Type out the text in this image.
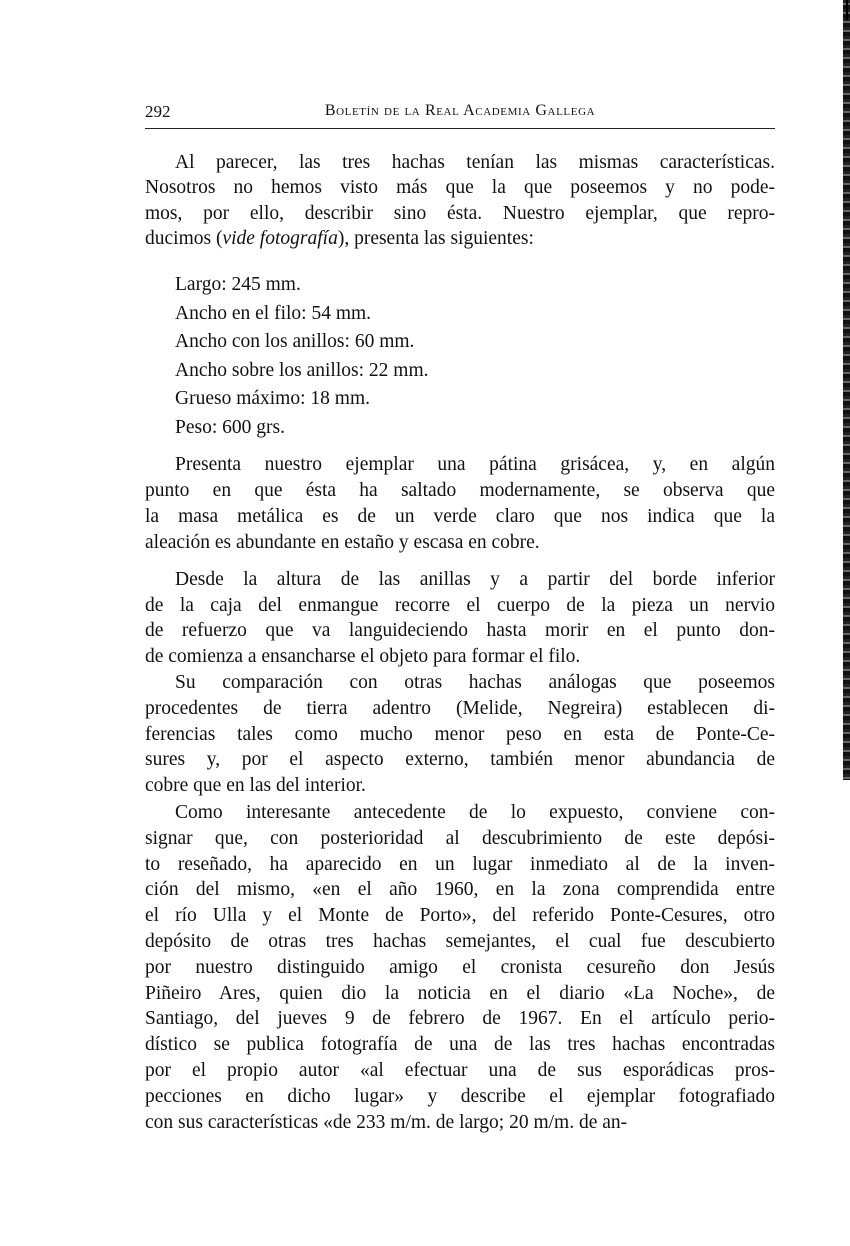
292	Boletín de la Real Academia Gallega
Al parecer, las tres hachas tenían las mismas características.
Nosotros no hemos visto más que la que poseemos y no pode-
mos, por ello, describir sino ésta. Nuestro ejemplar, que repro-
ducimos (vide fotografía), presenta las siguientes:
Largo: 245 mm.
Ancho en el filo: 54 mm.
Ancho con los anillos: 60 mm.
Ancho sobre los anillos: 22 mm.
Grueso máximo: 18 mm.
Peso: 600 grs.
Presenta nuestro ejemplar una pátina grisácea, y, en algún
punto en que ésta ha saltado modernamente, se observa que
la masa metálica es de un verde claro que nos indica que la
aleación es abundante en estaño y escasa en cobre.
Desde la altura de las anillas y a partir del borde inferior
de la caja del enmangue recorre el cuerpo de la pieza un nervio
de refuerzo que va languideciendo hasta morir en el punto don-
de comienza a ensancharse el objeto para formar el filo.
Su comparación con otras hachas análogas que poseemos
procedentes de tierra adentro (Melide, Negreira) establecen di-
ferencias tales como mucho menor peso en esta de Ponte-Ce-
sures y, por el aspecto externo, también menor abundancia de
cobre que en las del interior.
Como interesante antecedente de lo expuesto, conviene con-
signar que, con posterioridad al descubrimiento de este depósi-
to reseñado, ha aparecido en un lugar inmediato al de la inven-
ción del mismo, «en el año 1960, en la zona comprendida entre
el río Ulla y el Monte de Porto», del referido Ponte-Cesures, otro
depósito de otras tres hachas semejantes, el cual fue descubierto
por nuestro distinguido amigo el cronista cesureño don Jesús
Piñeiro Ares, quien dio la noticia en el diario «La Noche», de
Santiago, del jueves 9 de febrero de 1967. En el artículo perio-
dístico se publica fotografía de una de las tres hachas encontradas
por el propio autor «al efectuar una de sus esporádicas pros-
pecciones en dicho lugar» y describe el ejemplar fotografiado
con sus características «de 233 m/m. de largo; 20 m/m. de an-
